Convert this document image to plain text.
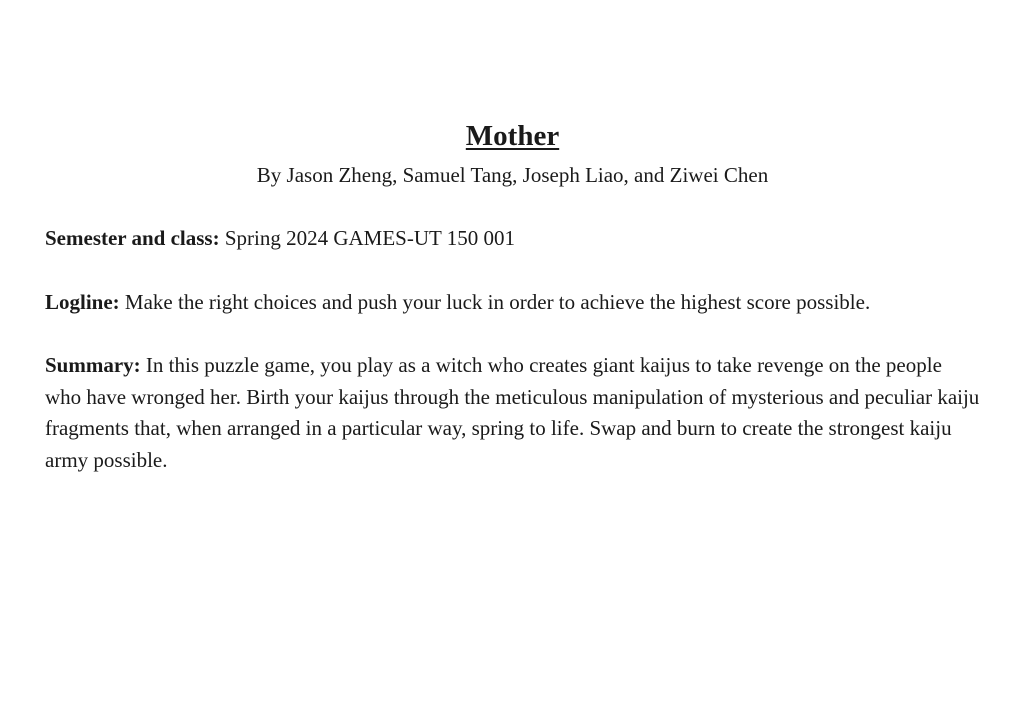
Mother

By Jason Zheng, Samuel Tang, Joseph Liao, and Ziwei Chen

Semester and class: Spring 2024 GAMES-UT 150 001

Logline: Make the right choices and push your luck in order to achieve the highest score possible.

Summary: In this puzzle game, you play as a witch who creates giant kaijus to take revenge on the people who have wronged her. Birth your kaijus through the meticulous manipulation of mysterious and peculiar kaiju fragments that, when arranged in a particular way, spring to life. Swap and burn to create the strongest kaiju army possible.
